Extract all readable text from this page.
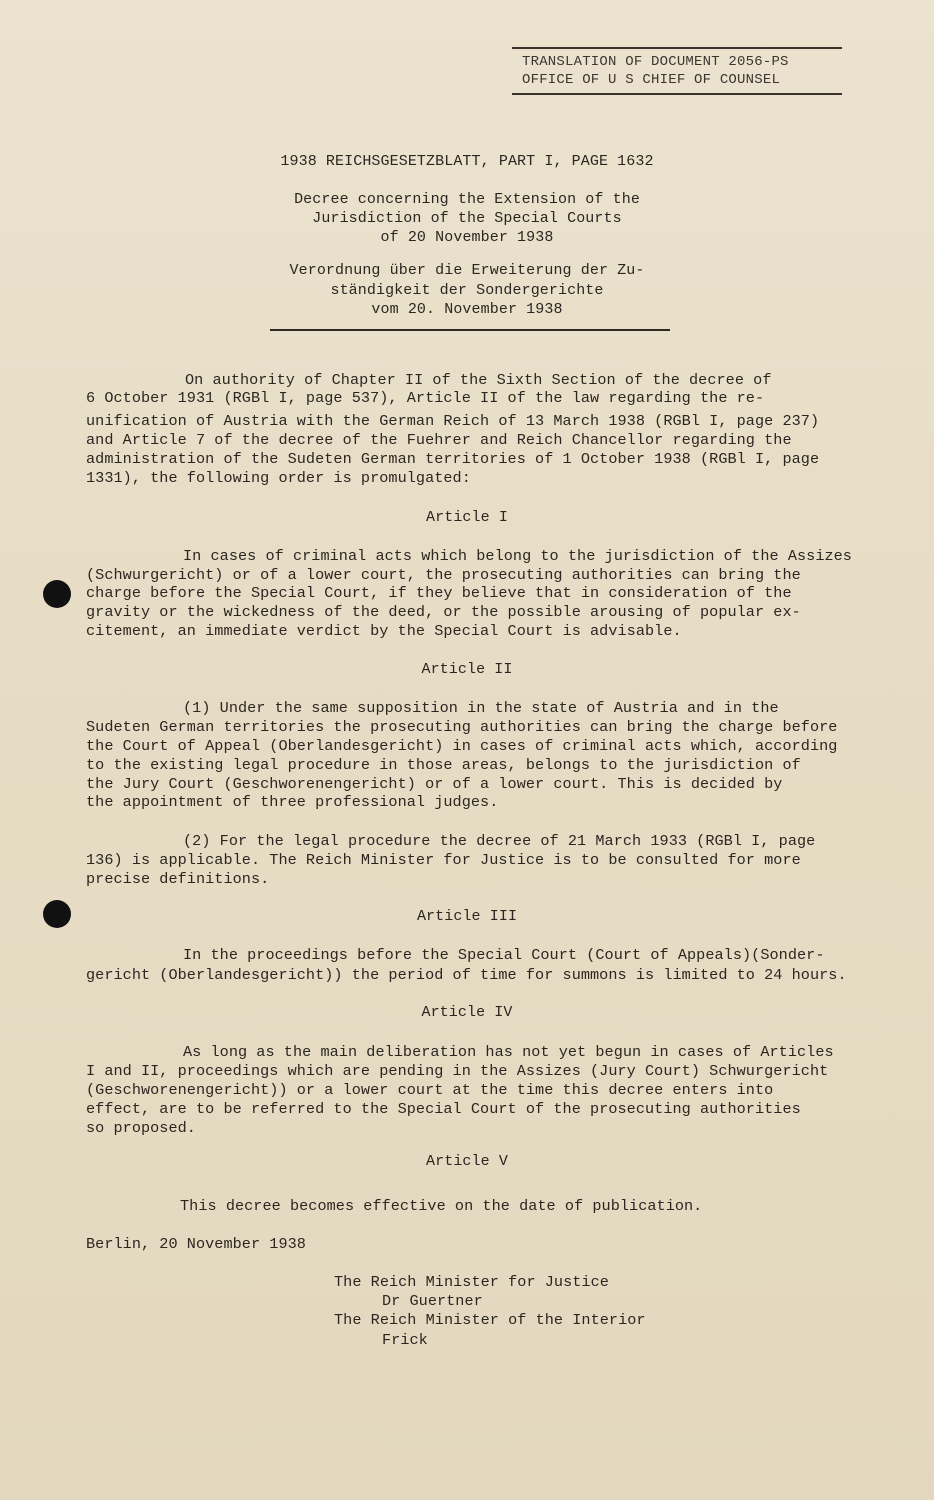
TRANSLATION OF DOCUMENT 2056-PS
OFFICE OF U S CHIEF OF COUNSEL
1938 REICHSGESETZBLATT, PART I, PAGE 1632
Decree concerning the Extension of the
Jurisdiction of the Special Courts
of 20 November 1938
Verordnung über die Erweiterung der Zu-
ständigkeit der Sondergerichte
vom 20. November 1938
On authority of Chapter II of the Sixth Section of the decree of
6 October 1931 (RGBl I, page 537), Article II of the law regarding the re-
unification of Austria with the German Reich of 13 March 1938 (RGBl I, page 237)
and Article 7 of the decree of the Fuehrer and Reich Chancellor regarding the
administration of the Sudeten German territories of 1 October 1938 (RGBl I, page
1331), the following order is promulgated:
Article I
In cases of criminal acts which belong to the jurisdiction of the Assizes
(Schwurgericht) or of a lower court, the prosecuting authorities can bring the
charge before the Special Court, if they believe that in consideration of the
gravity or the wickedness of the deed, or the possible arousing of popular ex-
citement, an immediate verdict by the Special Court is advisable.
Article II
(1) Under the same supposition in the state of Austria and in the
Sudeten German territories the prosecuting authorities can bring the charge before
the Court of Appeal (Oberlandesgericht) in cases of criminal acts which, according
to the existing legal procedure in those areas, belongs to the jurisdiction of
the Jury Court (Geschworenengericht) or of a lower court. This is decided by
the appointment of three professional judges.
(2) For the legal procedure the decree of 21 March 1933 (RGBl I, page
136) is applicable. The Reich Minister for Justice is to be consulted for more
precise definitions.
Article III
In the proceedings before the Special Court (Court of Appeals)(Sonder-
gericht (Oberlandesgericht)) the period of time for summons is limited to 24 hours.
Article IV
As long as the main deliberation has not yet begun in cases of Articles
I and II, proceedings which are pending in the Assizes (Jury Court) Schwurgericht
(Geschworenengericht)) or a lower court at the time this decree enters into
effect, are to be referred to the Special Court of the prosecuting authorities
so proposed.
Article V
This decree becomes effective on the date of publication.
Berlin, 20 November 1938
The Reich Minister for Justice
Dr Guertner
The Reich Minister of the Interior
Frick
